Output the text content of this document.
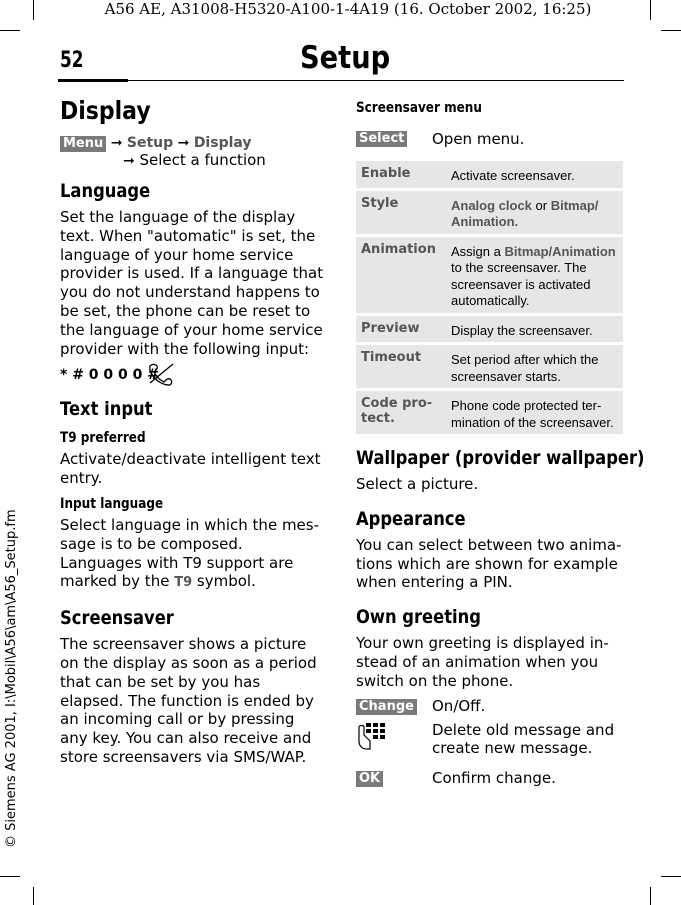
A56 AE, A31008-H5320-A100-1-4A19 (16. October 2002, 16:25)
52	Setup
© Siemens AG 2001, I:\Mobil\A56\am\A56_Setup.fm
Display
Menu ➞ Setup ➞ Display
➞ Select a function
Language
Set the language of the display text. When "automatic" is set, the language of your home service provider is used. If a language that you do not understand happens to be set, the phone can be reset to the language of your home service provider with the following input:
* # 0 0 0 0 #
Text input
T9 preferred
Activate/deactivate intelligent text entry.
Input language
Select language in which the message is to be composed. Languages with T9 support are marked by the T9 symbol.
Screensaver
The screensaver shows a picture on the display as soon as a period that can be set by you has elapsed. The function is ended by an incoming call or by pressing any key. You can also receive and store screensavers via SMS/WAP.
Screensaver menu
Select Open menu.
Enable	Activate screensaver.
Style	Analog clock or Bitmap/ Animation.
Animation	Assign a Bitmap/Animation to the screensaver. The screensaver is activated automatically.
Preview	Display the screensaver.
Timeout	Set period after which the screensaver starts.
Code protect.	Phone code protected termination of the screensaver.
Wallpaper (provider wallpaper)
Select a picture.
Appearance
You can select between two animations which are shown for example when entering a PIN.
Own greeting
Your own greeting is displayed instead of an animation when you switch on the phone.
Change On/Off.
Delete old message and create new message.
OK	Confirm change.
